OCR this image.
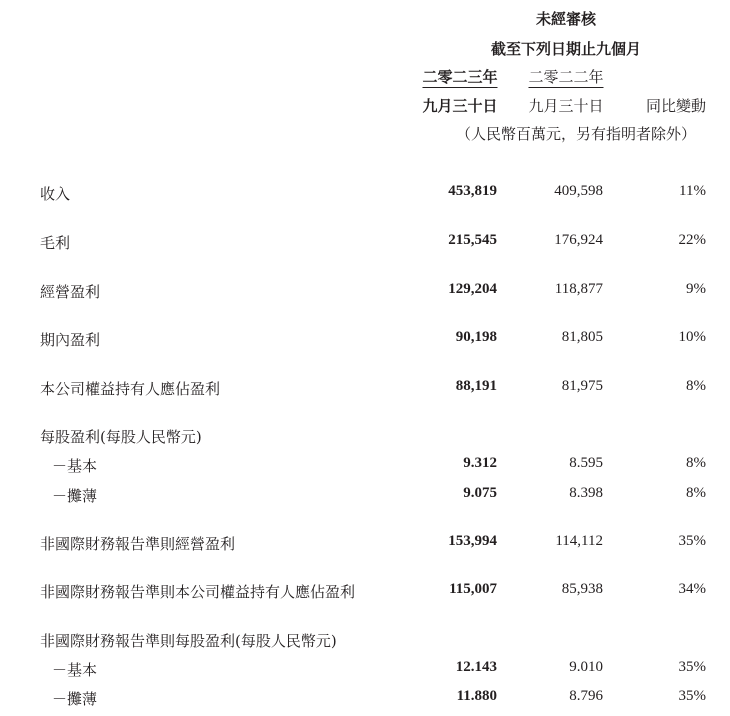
未經審核
截至下列日期止九個月
二零二三年 二零二二年
九月三十日 九月三十日	同比變動
（人民幣百萬元，另有指明者除外）
收入	453,819	409,598	11%
毛利	215,545	176,924	22%
經營盈利	129,204	118,877	9%
期內盈利	90,198	81,805	10%
本公司權益持有人應佔盈利	88,191	81,975	8%
每股盈利(每股人民幣元)
－基本	9.312	8.595	8%
－攤薄	9.075	8.398	8%
非國際財務報告準則經營盈利	153,994	114,112	35%
非國際財務報告準則本公司權益持有人應佔盈利	115,007	85,938	34%
非國際財務報告準則每股盈利(每股人民幣元)
－基本	12.143	9.010	35%
－攤薄	11.880	8.796	35%
